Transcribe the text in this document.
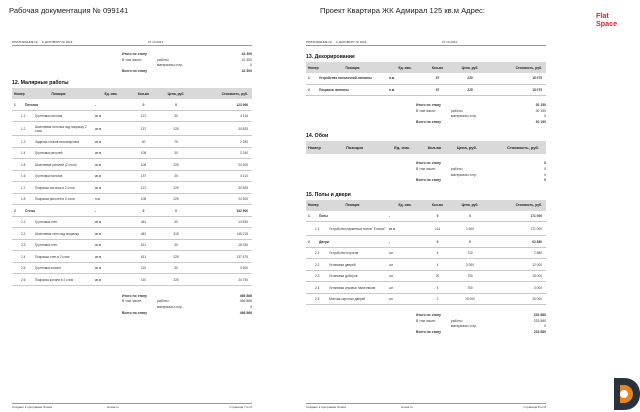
Рабочая документация № 099141	Проект Квартира ЖК Адмирал 125 кв.м Адрес:
Flat
Space
ПРИЛОЖЕНИЕ №	К ДОГОВОРУ № 2024	07.10.2024
Итого по этапу	42 300
В том числе:	работы	42 300
материалы и пр.	0
Всего по этапу	42 300
12. Малярные работы
Номер	Позиция	Ед. изм.	Кол-во	Цена, руб.	Стоимость, руб.
1	Потолок	-	0	0	123 966
1.1	Грунтовка потолка	кв.м	137	30	4 116
1.2	Шпатлевка потолка под покраску 2 слоя	кв.м	137	225	30 825
1.3	Заделка стыков гипсокартона	кв.м	30	75	2 250
1.4	Грунтовка риголей	кв.м	108	30	3 240
1.5	Шпатлевка риголей (2 слоя)	кв.м	108	225	24 300
1.6	Грунтовка потолка	кв.м	137	30	4 110
1.7	Покраска потолка в 2 слоя	кв.м	137	225	30 825
1.8	Покраска риголей в 2 слоя	п.м.	108	225	24 300
2	Стены	-	0	0	342 900
2.1	Грунтовка стен	кв.м	461	30	13 830
2.2	Шпатлевка стен под покраску	кв.м	461	315	145 215
2.3	Грунтовка стен	кв.м	611	30	18 330
2.4	Покраска стен в 2 слоя	кв.м	611	225	137 475
2.5	Грунтовка колонн	кв.м	110	30	3 300
2.6	Покраска колонн в 2 слоя	кв.м	110	225	24 750
Итого по этапу	466 866
В том числе:	работы	466 866
материалы и пр.	0
Всего по этапу	466 866
ПРИЛОЖЕНИЕ №	К ДОГОВОРУ № 2024	07.10.2024
13. Декорирование
Номер	Позиция	Ед. изм.	Кол-во	Цена, руб.	Стоимость, руб.
1	Устройство потолочной лепнины	п.м.	67	225	15 075
2	Покраска лепнины	п.м.	67	225	15 075
Итого по этапу	30 150
В том числе:	работы	30 150
материалы и пр.	0
Всего по этапу	30 150
14. Обои
Номер	Позиция	Ед. изм.	Кол-во	Цена, руб.	Стоимость, руб.
Итого по этапу	0
В том числе:	работы	0
материалы и пр.	0
Всего по этапу	0
15. Полы и двери
Номер	Позиция	Ед. изм.	Кол-во	Цена, руб.	Стоимость, руб.
1	Полы	-	0	0	171 000
1.1	Устройство паркетных полов "Елочка"	кв.м	114	1 500	171 000
2	Двери	-	0	0	62 880
2.1	Устройство порогов	шт	4	720	2 880
2.2	Установка дверей	шт	4	3 000	12 000
2.3	Установка доборов	шт	20	750	15 000
2.4	Установка игровых наличников	шт	4	750	3 000
2.5	Монтаж скрытых дверей	шт	2	15 000	30 000
Итого по этапу	233 880
В том числе:	работы	233 880
материалы и пр.	0
Всего по этапу	233 880
Создано в программе Smeta	smeta.ru	Страница 7 из 8	Создано в программе Smeta	smeta.ru	Страница 8 из 8
